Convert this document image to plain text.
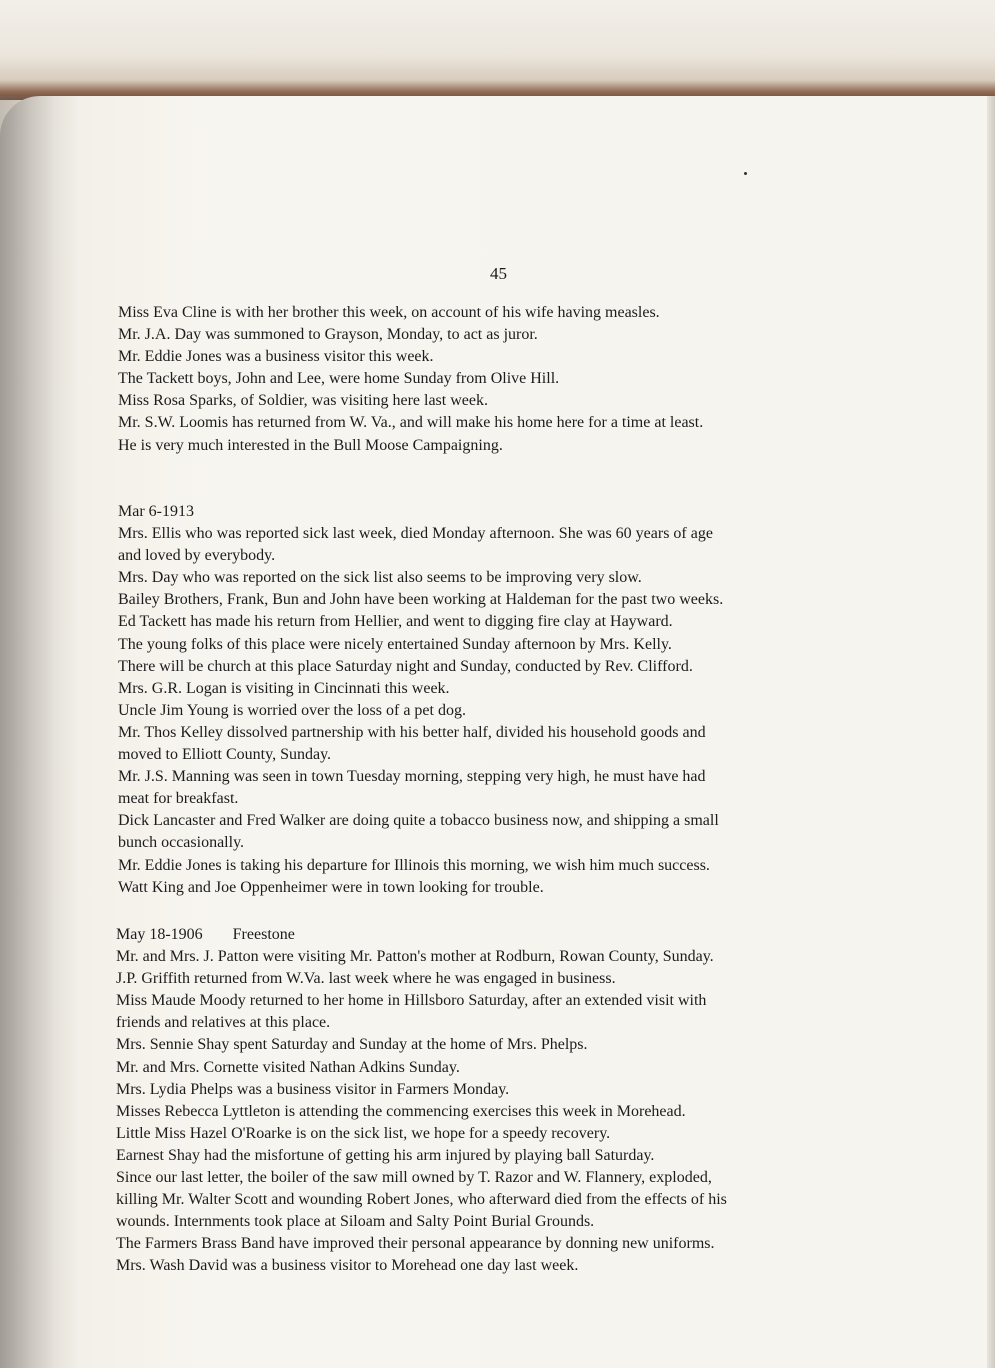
45
Miss Eva Cline is with her brother this week, on account of his wife having measles.
Mr. J.A. Day was summoned to Grayson, Monday, to act as juror.
Mr. Eddie Jones was a business visitor this week.
The Tackett boys, John and Lee, were home Sunday from Olive Hill.
Miss Rosa Sparks, of Soldier, was visiting here last week.
Mr. S.W. Loomis has returned from W. Va., and will make his home here for a time at least.
He is very much interested in the Bull Moose Campaigning.
Mar 6-1913
Mrs. Ellis who was reported sick last week, died Monday afternoon. She was 60 years of age
and loved by everybody.
Mrs. Day who was reported on the sick list also seems to be improving very slow.
Bailey Brothers, Frank, Bun and John have been working at Haldeman for the past two weeks.
Ed Tackett has made his return from Hellier, and went to digging fire clay at Hayward.
The young folks of this place were nicely entertained Sunday afternoon by Mrs. Kelly.
There will be church at this place Saturday night and Sunday, conducted by Rev. Clifford.
Mrs. G.R. Logan is visiting in Cincinnati this week.
Uncle Jim Young is worried over the loss of a pet dog.
Mr. Thos Kelley dissolved partnership with his better half, divided his household goods and
moved to Elliott County, Sunday.
Mr. J.S. Manning was seen in town Tuesday morning, stepping very high, he must have had
meat for breakfast.
Dick Lancaster and Fred Walker are doing quite a tobacco business now, and shipping a small
bunch occasionally.
Mr. Eddie Jones is taking his departure for Illinois this morning, we wish him much success.
Watt King and Joe Oppenheimer were in town looking for trouble.
May 18-1906 Freestone
Mr. and Mrs. J. Patton were visiting Mr. Patton's mother at Rodburn, Rowan County, Sunday.
J.P. Griffith returned from W.Va. last week where he was engaged in business.
Miss Maude Moody returned to her home in Hillsboro Saturday, after an extended visit with
friends and relatives at this place.
Mrs. Sennie Shay spent Saturday and Sunday at the home of Mrs. Phelps.
Mr. and Mrs. Cornette visited Nathan Adkins Sunday.
Mrs. Lydia Phelps was a business visitor in Farmers Monday.
Misses Rebecca Lyttleton is attending the commencing exercises this week in Morehead.
Little Miss Hazel O'Roarke is on the sick list, we hope for a speedy recovery.
Earnest Shay had the misfortune of getting his arm injured by playing ball Saturday.
Since our last letter, the boiler of the saw mill owned by T. Razor and W. Flannery, exploded,
killing Mr. Walter Scott and wounding Robert Jones, who afterward died from the effects of his
wounds. Internments took place at Siloam and Salty Point Burial Grounds.
The Farmers Brass Band have improved their personal appearance by donning new uniforms.
Mrs. Wash David was a business visitor to Morehead one day last week.
